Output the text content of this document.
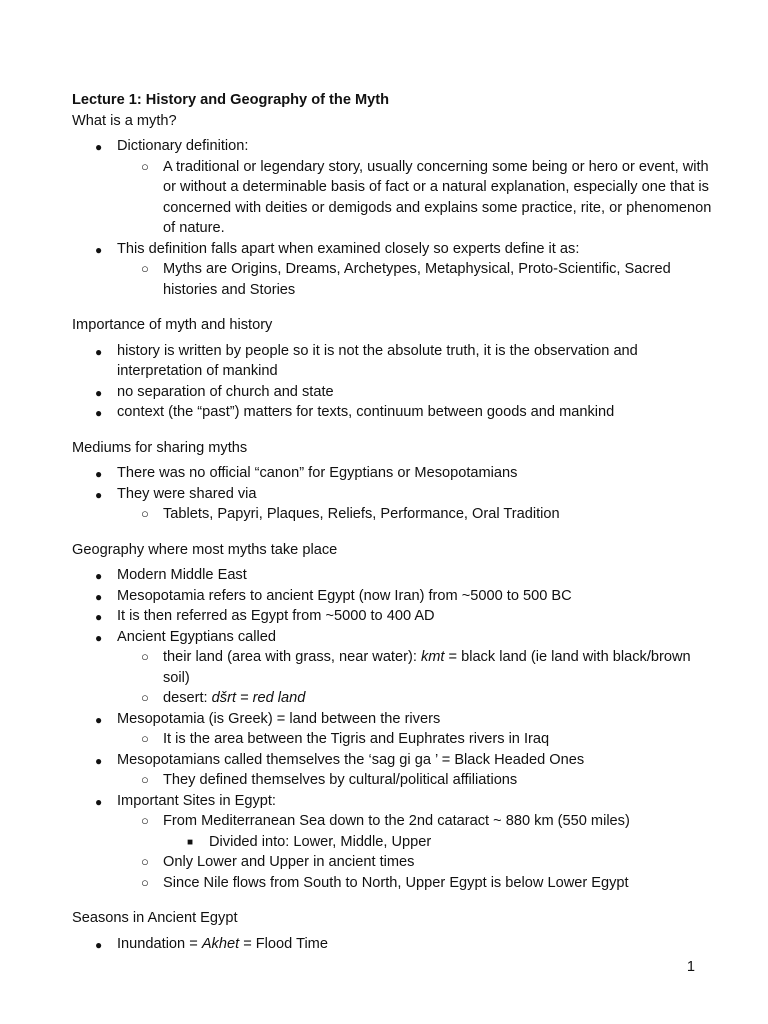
Lecture 1: History and Geography of the Myth
What is a myth?
● Dictionary definition:
○ A traditional or legendary story, usually concerning some being or hero or event, with or without a determinable basis of fact or a natural explanation, especially one that is concerned with deities or demigods and explains some practice, rite, or phenomenon of nature.
● This definition falls apart when examined closely so experts define it as:
○ Myths are Origins, Dreams, Archetypes, Metaphysical, Proto-Scientific, Sacred histories and Stories
Importance of myth and history
● history is written by people so it is not the absolute truth, it is the observation and interpretation of mankind
● no separation of church and state
● context (the “past”) matters for texts, continuum between goods and mankind
Mediums for sharing myths
● There was no official “canon” for Egyptians or Mesopotamians
● They were shared via
○ Tablets, Papyri, Plaques, Reliefs, Performance, Oral Tradition
Geography where most myths take place
● Modern Middle East
● Mesopotamia refers to ancient Egypt (now Iran) from ~5000 to 500 BC
● It is then referred as Egypt from ~5000 to 400 AD
● Ancient Egyptians called
○ their land (area with grass, near water): kmt = black land (ie land with black/brown soil)
○ desert: dšrt = red land
● Mesopotamia (is Greek) = land between the rivers
○ It is the area between the Tigris and Euphrates rivers in Iraq
● Mesopotamians called themselves the ‘sag gi ga ’ = Black Headed Ones
○ They defined themselves by cultural/political affiliations
● Important Sites in Egypt:
○ From Mediterranean Sea down to the 2nd cataract ~ 880 km (550 miles)
■ Divided into: Lower, Middle, Upper
○ Only Lower and Upper in ancient times
○ Since Nile flows from South to North, Upper Egypt is below Lower Egypt
Seasons in Ancient Egypt
● Inundation = Akhet = Flood Time
1
